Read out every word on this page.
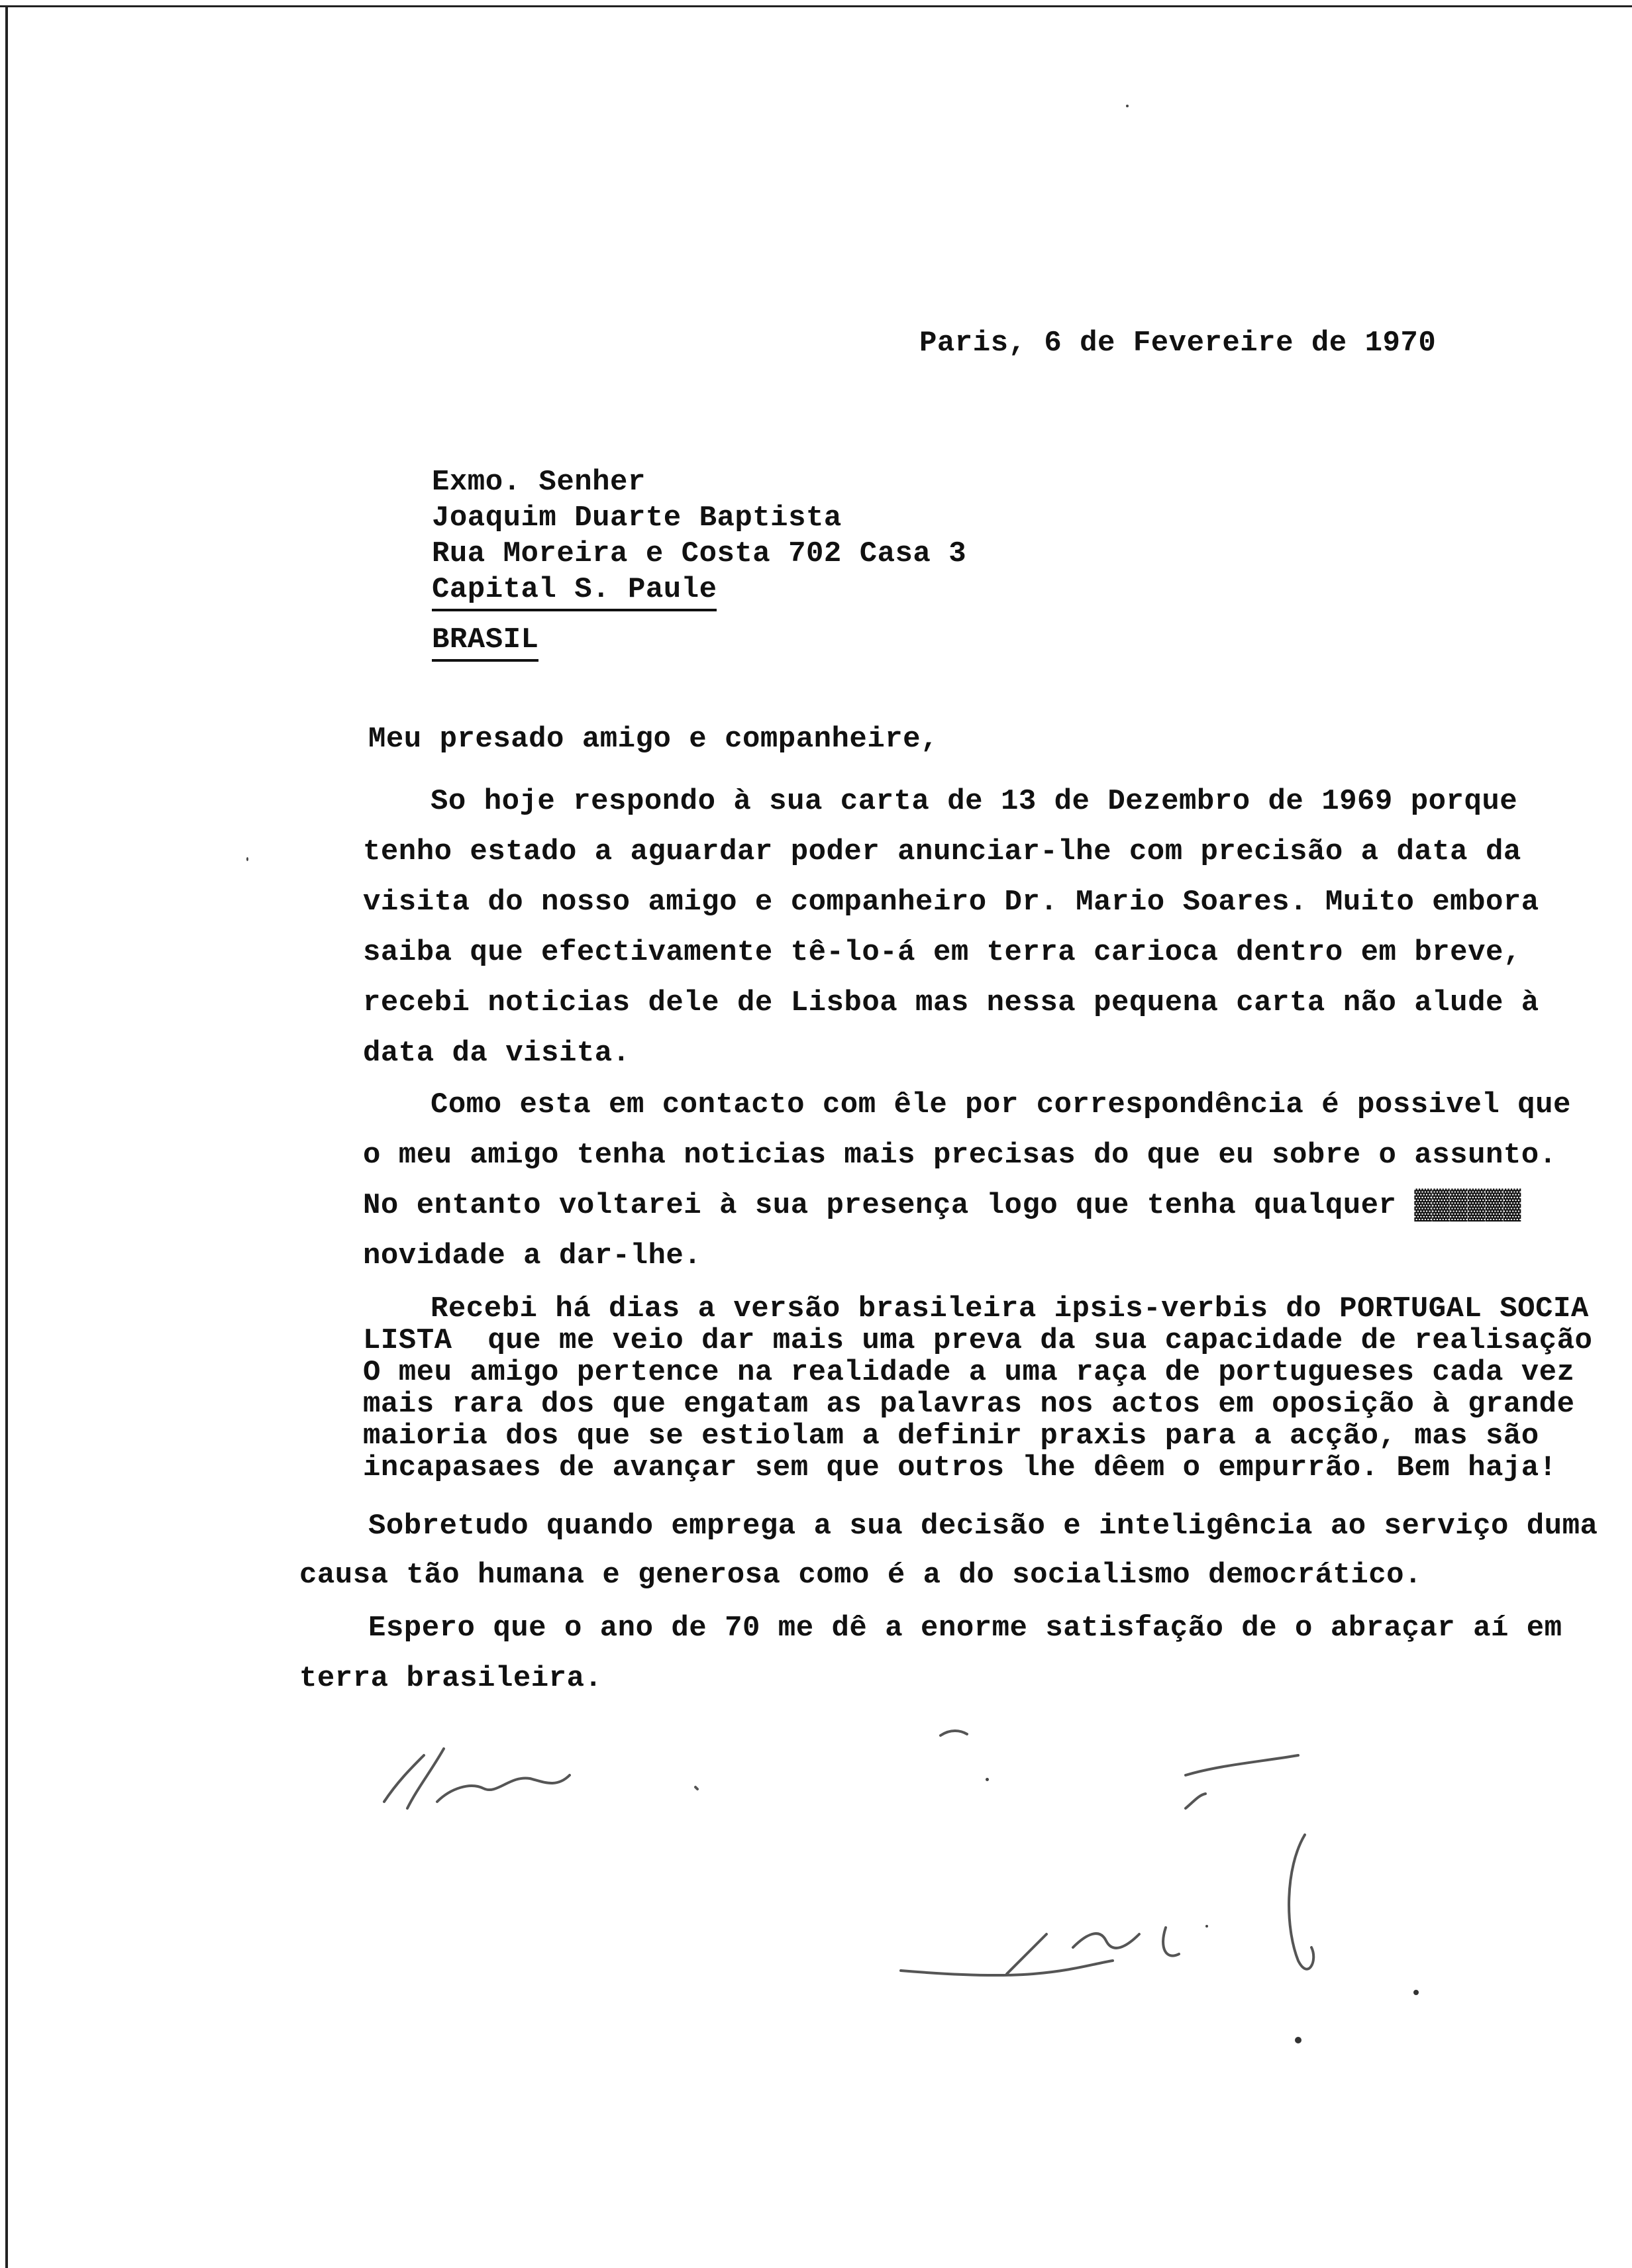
Paris, 6 de Fevereire de 1970
Exmo. Senher
Joaquim Duarte Baptista
Rua Moreira e Costa 702 Casa 3
Capital S. Paule
BRASIL
Meu presado amigo e companheire,
So hoje respondo à sua carta de 13 de Dezembro de 1969 porque
tenho estado a aguardar poder anunciar-lhe com precisão a data da
visita do nosso amigo e companheiro Dr. Mario Soares. Muito embora
saiba que efectivamente tê-lo-á em terra carioca dentro em breve,
recebi noticias dele de Lisboa mas nessa pequena carta não alude à
data da visita.
Como esta em contacto com êle por correspondência é possivel que
o meu amigo tenha noticias mais precisas do que eu sobre o assunto.
No entanto voltarei à sua presença logo que tenha qualquer ▓▓▓▓▓▓
novidade a dar-lhe.
Recebi há dias a versão brasileira ipsis-verbis do PORTUGAL SOCIA
LISTA  que me veio dar mais uma preva da sua capacidade de realisação
O meu amigo pertence na realidade a uma raça de portugueses cada vez
mais rara dos que engatam as palavras nos actos em oposição à grande
maioria dos que se estiolam a definir praxis para a acção, mas são
incapasaes de avançar sem que outros lhe dêem o empurrão. Bem haja!
Sobretudo quando emprega a sua decisão e inteligência ao serviço duma
causa tão humana e generosa como é a do socialismo democrático.
Espero que o ano de 70 me dê a enorme satisfação de o abraçar aí em
terra brasileira.
